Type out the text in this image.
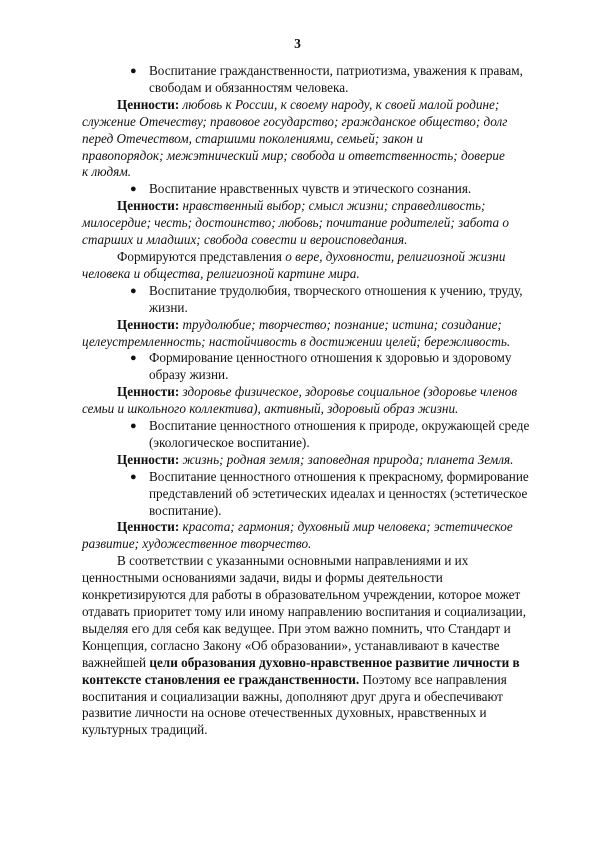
3
● Воспитание гражданственности, патриотизма, уважения к правам,
свободам и обязанностям человека.
Ценности: любовь к России, к своему народу, к своей малой родине;
служение Отечеству; правовое государство; гражданское общество; долг
перед Отечеством, старшими поколениями, семьей; закон и
правопорядок; межэтнический мир; свобода и ответственность; доверие
к людям.
● Воспитание нравственных чувств и этического сознания.
Ценности: нравственный выбор; смысл жизни; справедливость;
милосердие; честь; достоинство; любовь; почитание родителей; забота о
старших и младших; свобода совести и вероисповедания.
Формируются представления о вере, духовности, религиозной жизни
человека и общества, религиозной картине мира.
● Воспитание трудолюбия, творческого отношения к учению, труду,
жизни.
Ценности: трудолюбие; творчество; познание; истина; созидание;
целеустремленность; настойчивость в достижении целей; бережливость.
● Формирование ценностного отношения к здоровью и здоровому
образу жизни.
Ценности: здоровье физическое, здоровье социальное (здоровье членов
семьи и школьного коллектива), активный, здоровый образ жизни.
● Воспитание ценностного отношения к природе, окружающей среде
(экологическое воспитание).
Ценности: жизнь; родная земля; заповедная природа; планета Земля.
● Воспитание ценностного отношения к прекрасному, формирование
представлений об эстетических идеалах и ценностях (эстетическое
воспитание).
Ценности: красота; гармония; духовный мир человека; эстетическое
развитие; художественное творчество.
В соответствии с указанными основными направлениями и их
ценностными основаниями задачи, виды и формы деятельности
конкретизируются для работы в образовательном учреждении, которое может
отдавать приоритет тому или иному направлению воспитания и социализации,
выделяя его для себя как ведущее. При этом важно помнить, что Стандарт и
Концепция, согласно Закону «Об образовании», устанавливают в качестве
важнейшей цели образования духовно-нравственное развитие личности в
контексте становления ее гражданственности. Поэтому все направления
воспитания и социализации важны, дополняют друг друга и обеспечивают
развитие личности на основе отечественных духовных, нравственных и
культурных традиций.
